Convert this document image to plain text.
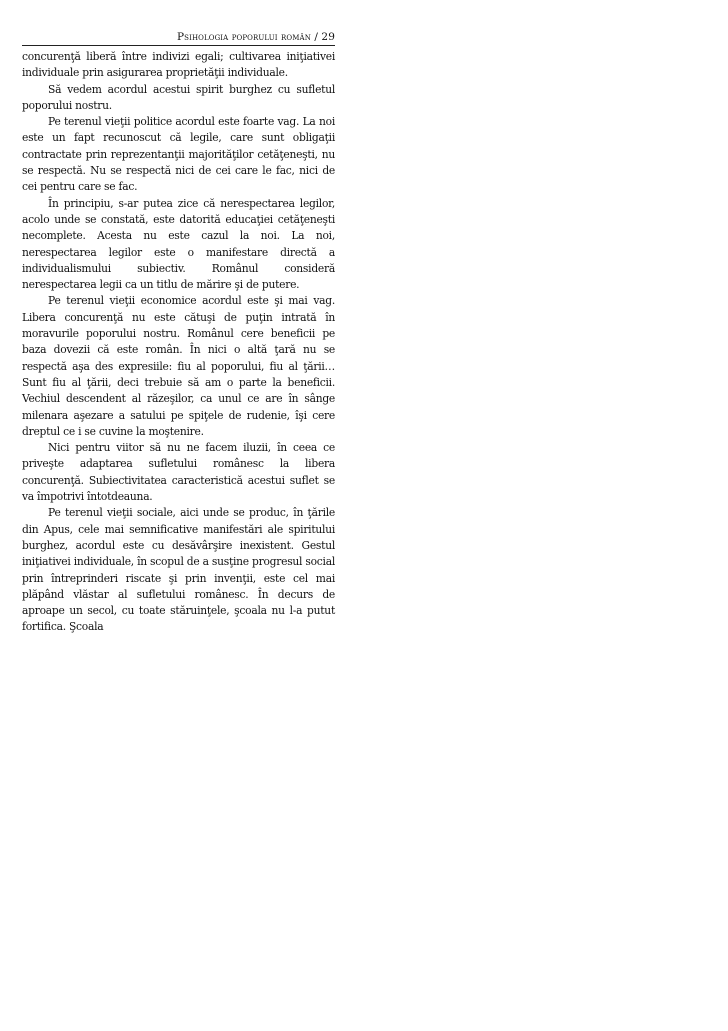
Psihologia poporului român / 29

concurenţă liberă între indivizi egali; cultivarea iniţiativei individuale prin asigurarea proprietăţii individuale.

Să vedem acordul acestui spirit burghez cu sufletul poporului nostru.

Pe terenul vieţii politice acordul este foarte vag. La noi este un fapt recunoscut că legile, care sunt obligaţii contractate prin reprezentanţii majorităţilor cetăţeneşti, nu se respectă. Nu se respectă nici de cei care le fac, nici de cei pentru care se fac.

În principiu, s-ar putea zice că nerespectarea legilor, acolo unde se constată, este datorită educaţiei cetăţeneşti necomplete. Acesta nu este cazul la noi. La noi, nerespectarea legilor este o manifestare directă a individualismului subiectiv. Românul consideră nerespectarea legii ca un titlu de mărire şi de putere.

Pe terenul vieţii economice acordul este şi mai vag. Libera concurenţă nu este cătuşi de puţin intrată în moravurile poporului nostru. Românul cere beneficii pe baza dovezii că este român. În nici o altă ţară nu se respectă aşa des expresiile: fiu al poporului, fiu al ţării… Sunt fiu al ţării, deci trebuie să am o parte la beneficii. Vechiul descendent al răzeşilor, ca unul ce are în sânge milenara aşezare a satului pe spiţele de rudenie, îşi cere dreptul ce i se cuvine la moştenire.

Nici pentru viitor să nu ne facem iluzii, în ceea ce priveşte adaptarea sufletului românesc la libera concurenţă. Subiectivitatea caracteristică acestui suflet se va împotrivi întotdeauna.

Pe terenul vieţii sociale, aici unde se produc, în ţările din Apus, cele mai semnificative manifestări ale spiritului burghez, acordul este cu desăvârşire inexistent. Gestul iniţiativei individuale, în scopul de a susţine progresul social prin întreprinderi riscate şi prin invenţii, este cel mai plăpând vlăstar al sufletului românesc. În decurs de aproape un secol, cu toate stăruinţele, şcoala nu l-a putut fortifica. Şcoala
